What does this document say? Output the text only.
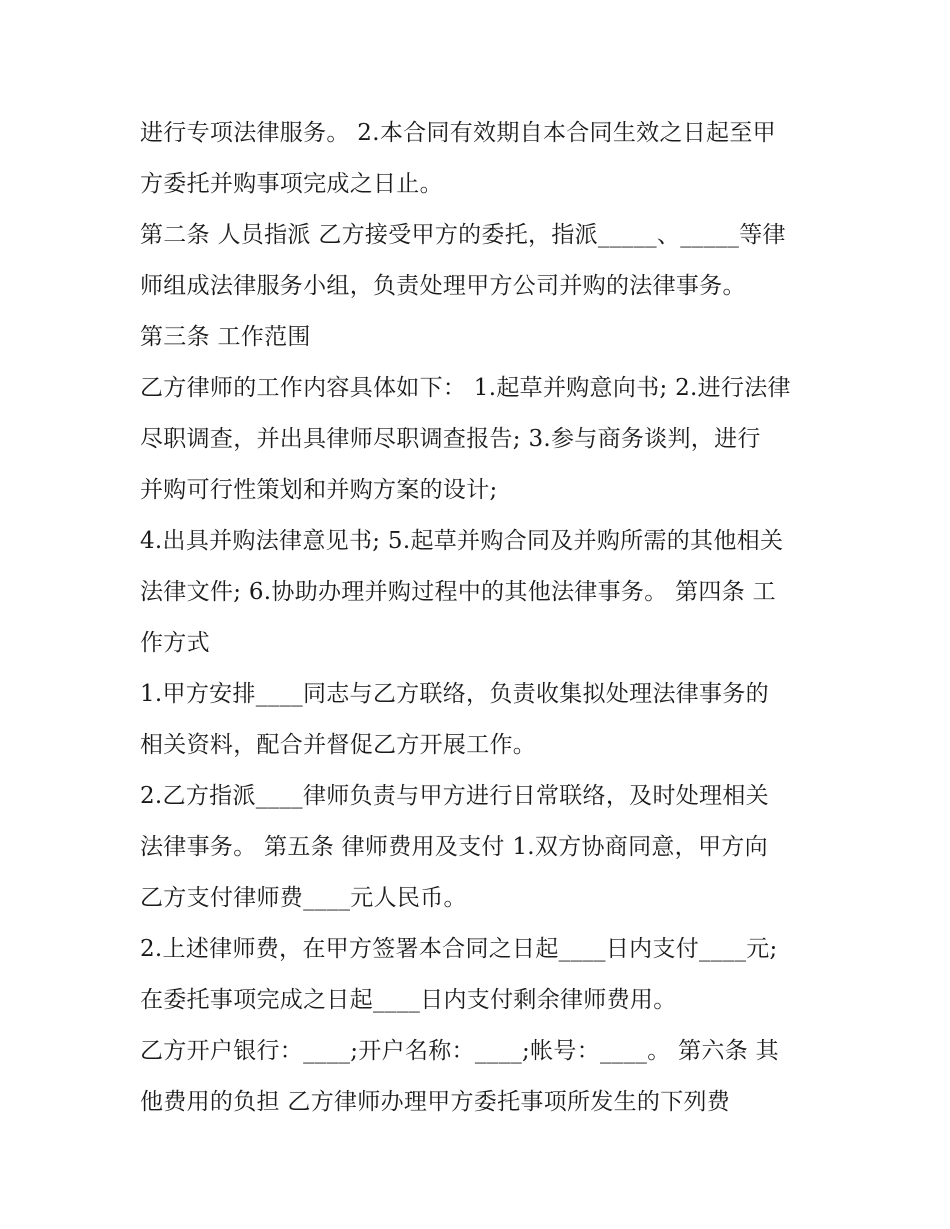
进行专项法律服务。 2.本合同有效期自本合同生效之日起至甲
方委托并购事项完成之日止。
第二条 人员指派 乙方接受甲方的委托，指派_____、_____等律
师组成法律服务小组，负责处理甲方公司并购的法律事务。
第三条 工作范围
乙方律师的工作内容具体如下： 1.起草并购意向书; 2.进行法律
尽职调查，并出具律师尽职调查报告; 3.参与商务谈判，进行
并购可行性策划和并购方案的设计;
4.出具并购法律意见书; 5.起草并购合同及并购所需的其他相关
法律文件; 6.协助办理并购过程中的其他法律事务。 第四条 工
作方式
1.甲方安排____同志与乙方联络，负责收集拟处理法律事务的
相关资料，配合并督促乙方开展工作。
2.乙方指派____律师负责与甲方进行日常联络，及时处理相关
法律事务。 第五条 律师费用及支付 1.双方协商同意，甲方向
乙方支付律师费____元人民币。
2.上述律师费，在甲方签署本合同之日起____日内支付____元;
在委托事项完成之日起____日内支付剩余律师费用。
乙方开户银行：____;开户名称：____;帐号：____。 第六条 其
他费用的负担 乙方律师办理甲方委托事项所发生的下列费
